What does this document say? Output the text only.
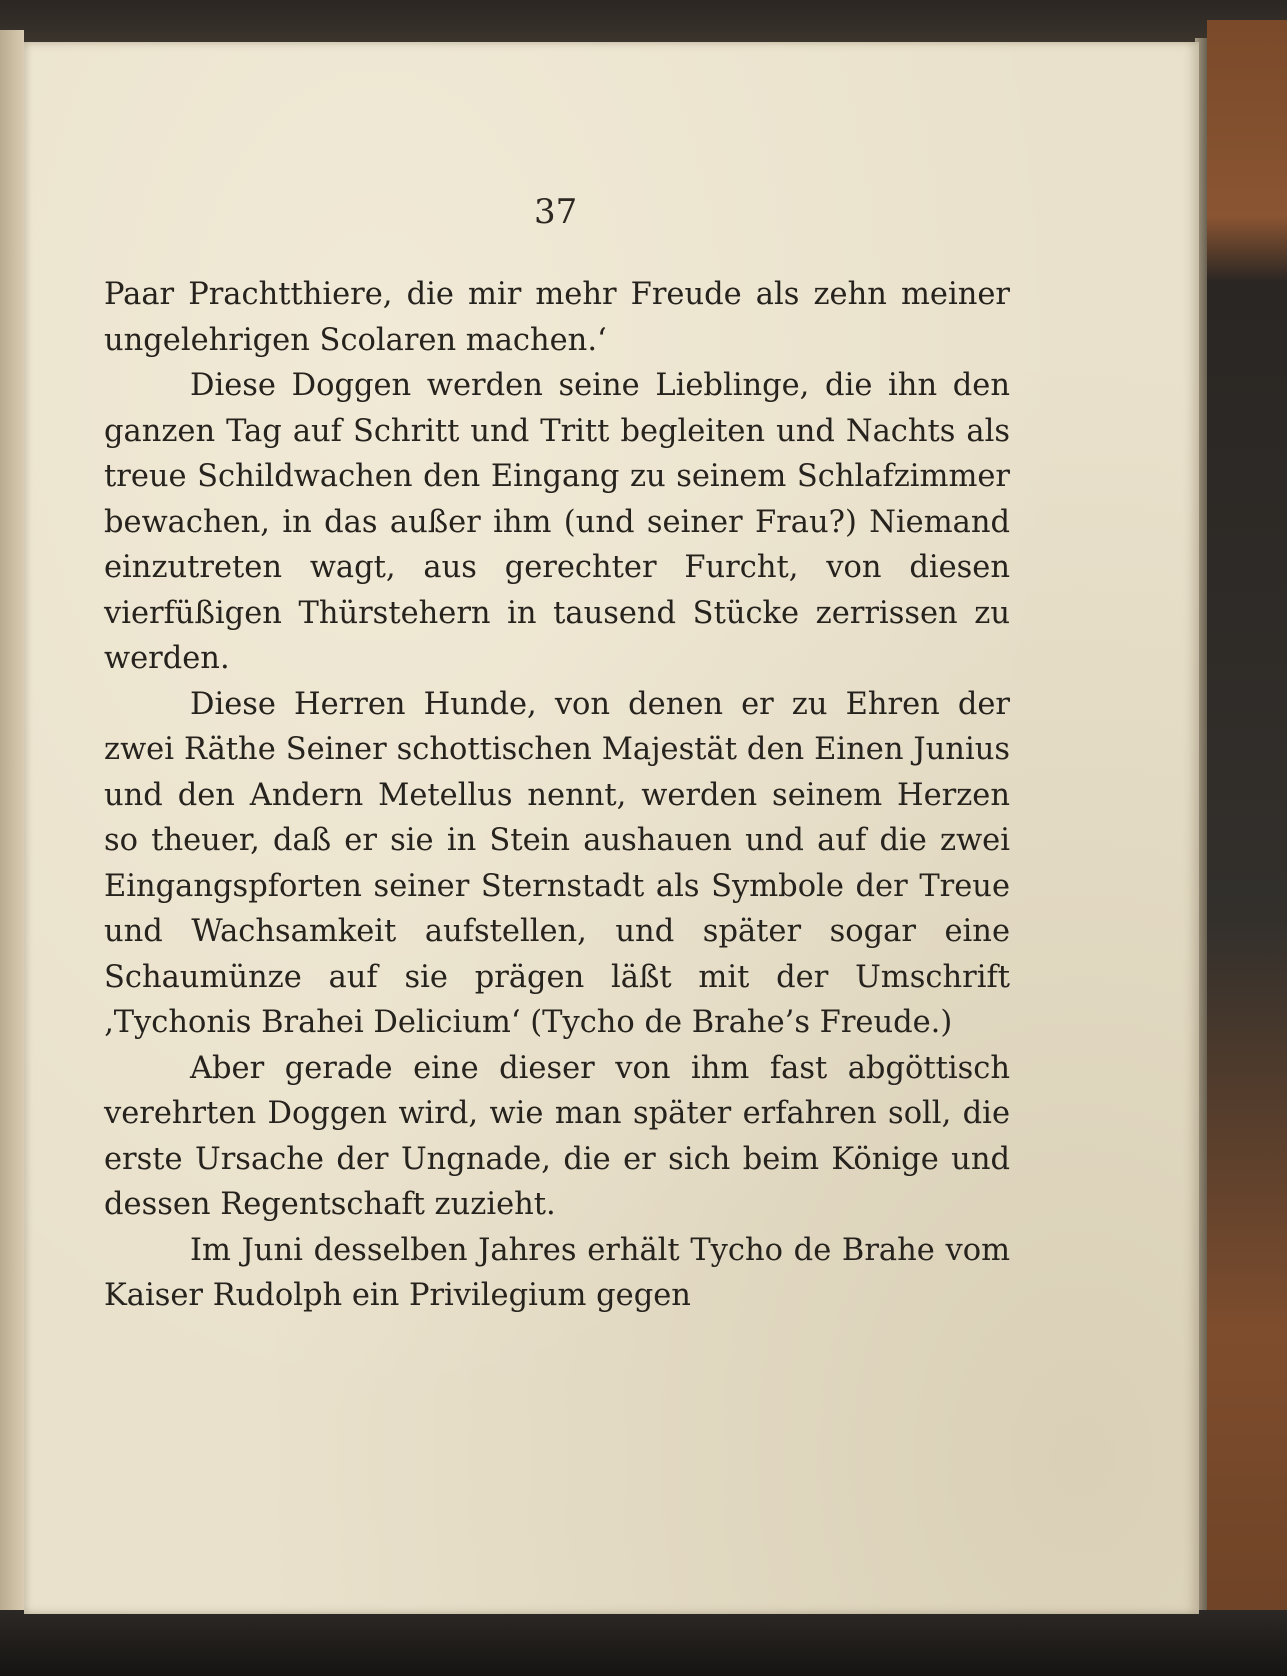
37

Paar Prachtthiere, die mir mehr Freude als zehn meiner ungelehrigen Scolaren machen.‘

Diese Doggen werden seine Lieblinge, die ihn den ganzen Tag auf Schritt und Tritt begleiten und Nachts als treue Schildwachen den Eingang zu seinem Schlafzimmer bewachen, in das außer ihm (und seiner Frau?) Niemand einzutreten wagt, aus gerechter Furcht, von diesen vierfüßigen Thürstehern in tausend Stücke zerrissen zu werden.

Diese Herren Hunde, von denen er zu Ehren der zwei Räthe Seiner schottischen Majestät den Einen Junius und den Andern Metellus nennt, werden seinem Herzen so theuer, daß er sie in Stein aushauen und auf die zwei Eingangspforten seiner Sternstadt als Symbole der Treue und Wachsamkeit aufstellen, und später sogar eine Schaumünze auf sie prägen läßt mit der Umschrift ‚Tychonis Brahei Delicium‘ (Tycho de Brahe’s Freude.)

Aber gerade eine dieser von ihm fast abgöttisch verehrten Doggen wird, wie man später erfahren soll, die erste Ursache der Ungnade, die er sich beim Könige und dessen Regentschaft zuzieht.

Im Juni desselben Jahres erhält Tycho de Brahe vom Kaiser Rudolph ein Privilegium gegen
